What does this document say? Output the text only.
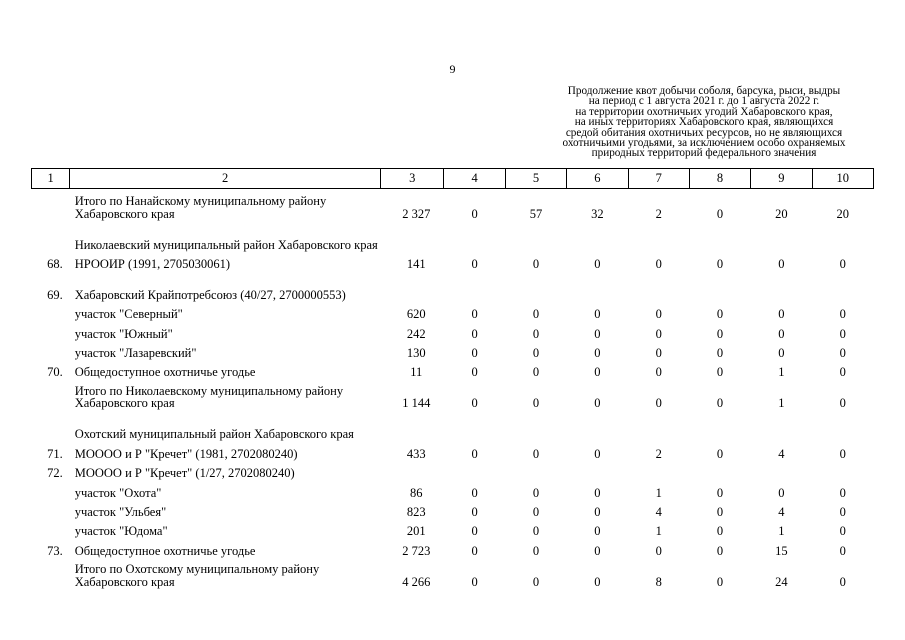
9
Продолжение квот добычи соболя, барсука, рыси, выдры
на период с 1 августа 2021 г. до 1 августа 2022 г.
на территории охотничьих угодий Хабаровского края,
на иных территориях Хабаровского края, являющихся
средой обитания охотничьих ресурсов, но не являющихся
охотничьими угодьями, за исключением особо охраняемых
природных территорий федерального значения
1	2	3	4	5	6	7	8	9	10
	Итого по Нанайскому муниципальному району Хабаровского края	2 327	0	57	32	2	0	20	20
	Николаевский муниципальный район Хабаровского края								
68.	НРООИР (1991, 2705030061)	141	0	0	0	0	0	0	0
69.	Хабаровский Крайпотребсоюз (40/27, 2700000553)								
	участок "Северный"	620	0	0	0	0	0	0	0
	участок "Южный"	242	0	0	0	0	0	0	0
	участок "Лазаревский"	130	0	0	0	0	0	0	0
70.	Общедоступное охотничье угодье	11	0	0	0	0	0	1	0
	Итого по Николаевскому муниципальному району Хабаровского края	1 144	0	0	0	0	0	1	0
	Охотский муниципальный район Хабаровского края								
71.	МОООО и Р "Кречет" (1981, 2702080240)	433	0	0	0	2	0	4	0
72.	МОООО и Р "Кречет" (1/27, 2702080240)								
	участок "Охота"	86	0	0	0	1	0	0	0
	участок "Ульбея"	823	0	0	0	4	0	4	0
	участок "Юдома"	201	0	0	0	1	0	1	0
73.	Общедоступное охотничье угодье	2 723	0	0	0	0	0	15	0
	Итого по Охотскому муниципальному району Хабаровского края	4 266	0	0	0	8	0	24	0
